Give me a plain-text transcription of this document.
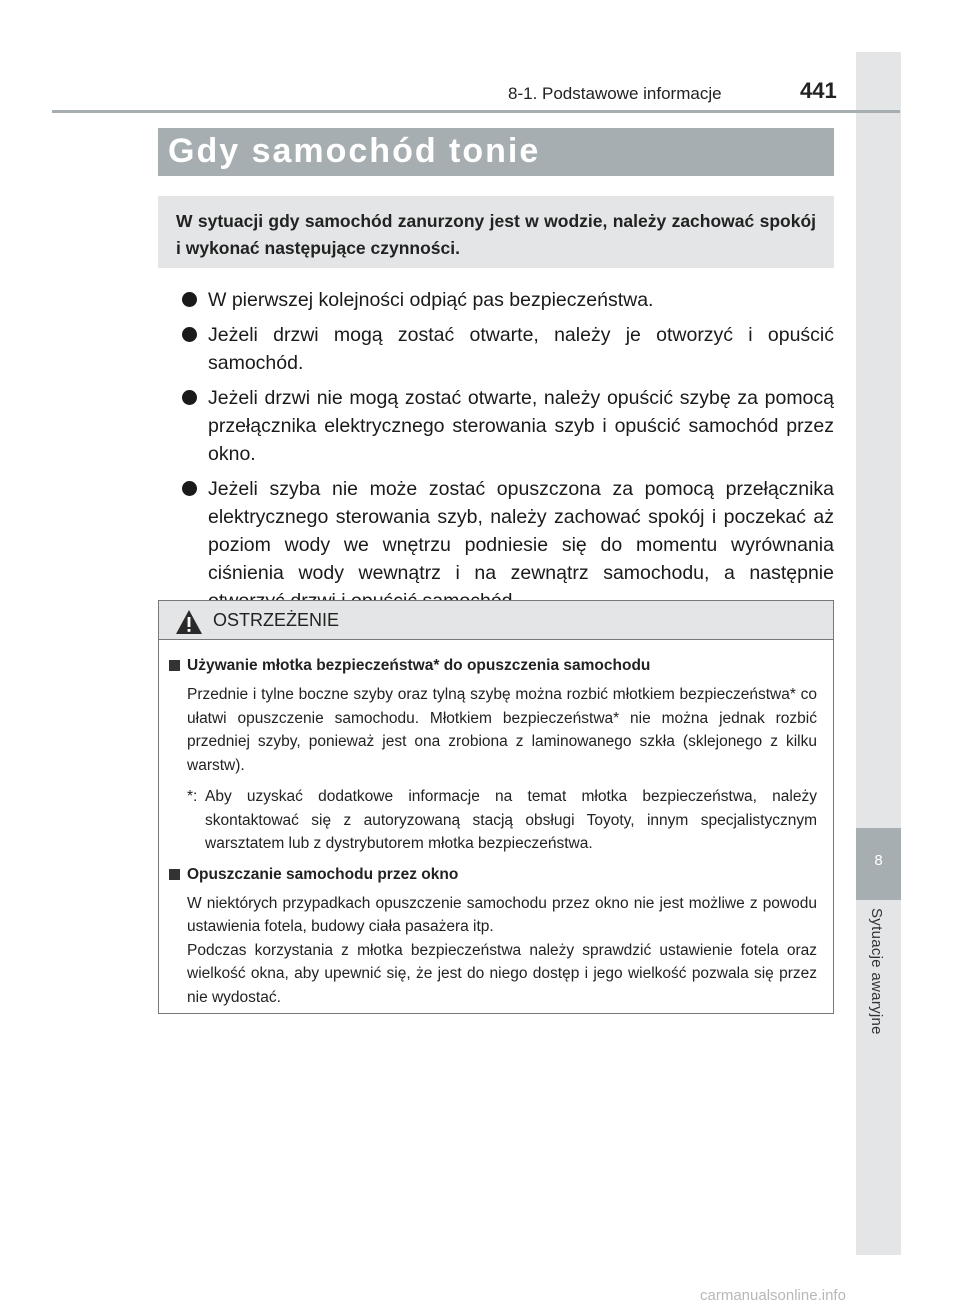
8
Sytuacje awaryjne
8-1. Podstawowe informacje	441
Gdy samochód tonie
W sytuacji gdy samochód zanurzony jest w wodzie, należy zachować spokój i wykonać następujące czynności.
W pierwszej kolejności odpiąć pas bezpieczeństwa.
Jeżeli drzwi mogą zostać otwarte, należy je otworzyć i opuścić samochód.
Jeżeli drzwi nie mogą zostać otwarte, należy opuścić szybę za pomocą przełącznika elektrycznego sterowania szyb i opuścić samochód przez okno.
Jeżeli szyba nie może zostać opuszczona za pomocą przełącznika elektrycznego sterowania szyb, należy zachować spokój i poczekać aż poziom wody we wnętrzu podniesie się do momentu wyrównania ciśnienia wody wewnątrz i na zewnątrz samochodu, a następnie
OSTRZEŻENIE
Używanie młotka bezpieczeństwa* do opuszczenia samochodu
Przednie i tylne boczne szyby oraz tylną szybę można rozbić młotkiem bezpieczeństwa* co ułatwi opuszczenie samochodu. Młotkiem bezpieczeństwa* nie można jednak rozbić przedniej szyby, ponieważ jest ona zrobiona z laminowanego szkła (sklejonego z kilku warstw).
*: Aby uzyskać dodatkowe informacje na temat młotka bezpieczeństwa, należy skontaktować się z autoryzowaną stacją obsługi Toyoty, innym specjalistycznym warsztatem lub z dystrybutorem młotka bezpieczeństwa.
Opuszczanie samochodu przez okno
W niektórych przypadkach opuszczenie samochodu przez okno nie jest możliwe z powodu ustawienia fotela, budowy ciała pasażera itp.
Podczas korzystania z młotka bezpieczeństwa należy sprawdzić ustawienie fotela oraz wielkość okna, aby upewnić się, że jest do niego dostęp i jego wielkość pozwala się przez nie wydostać.
carmanualsonline.info
